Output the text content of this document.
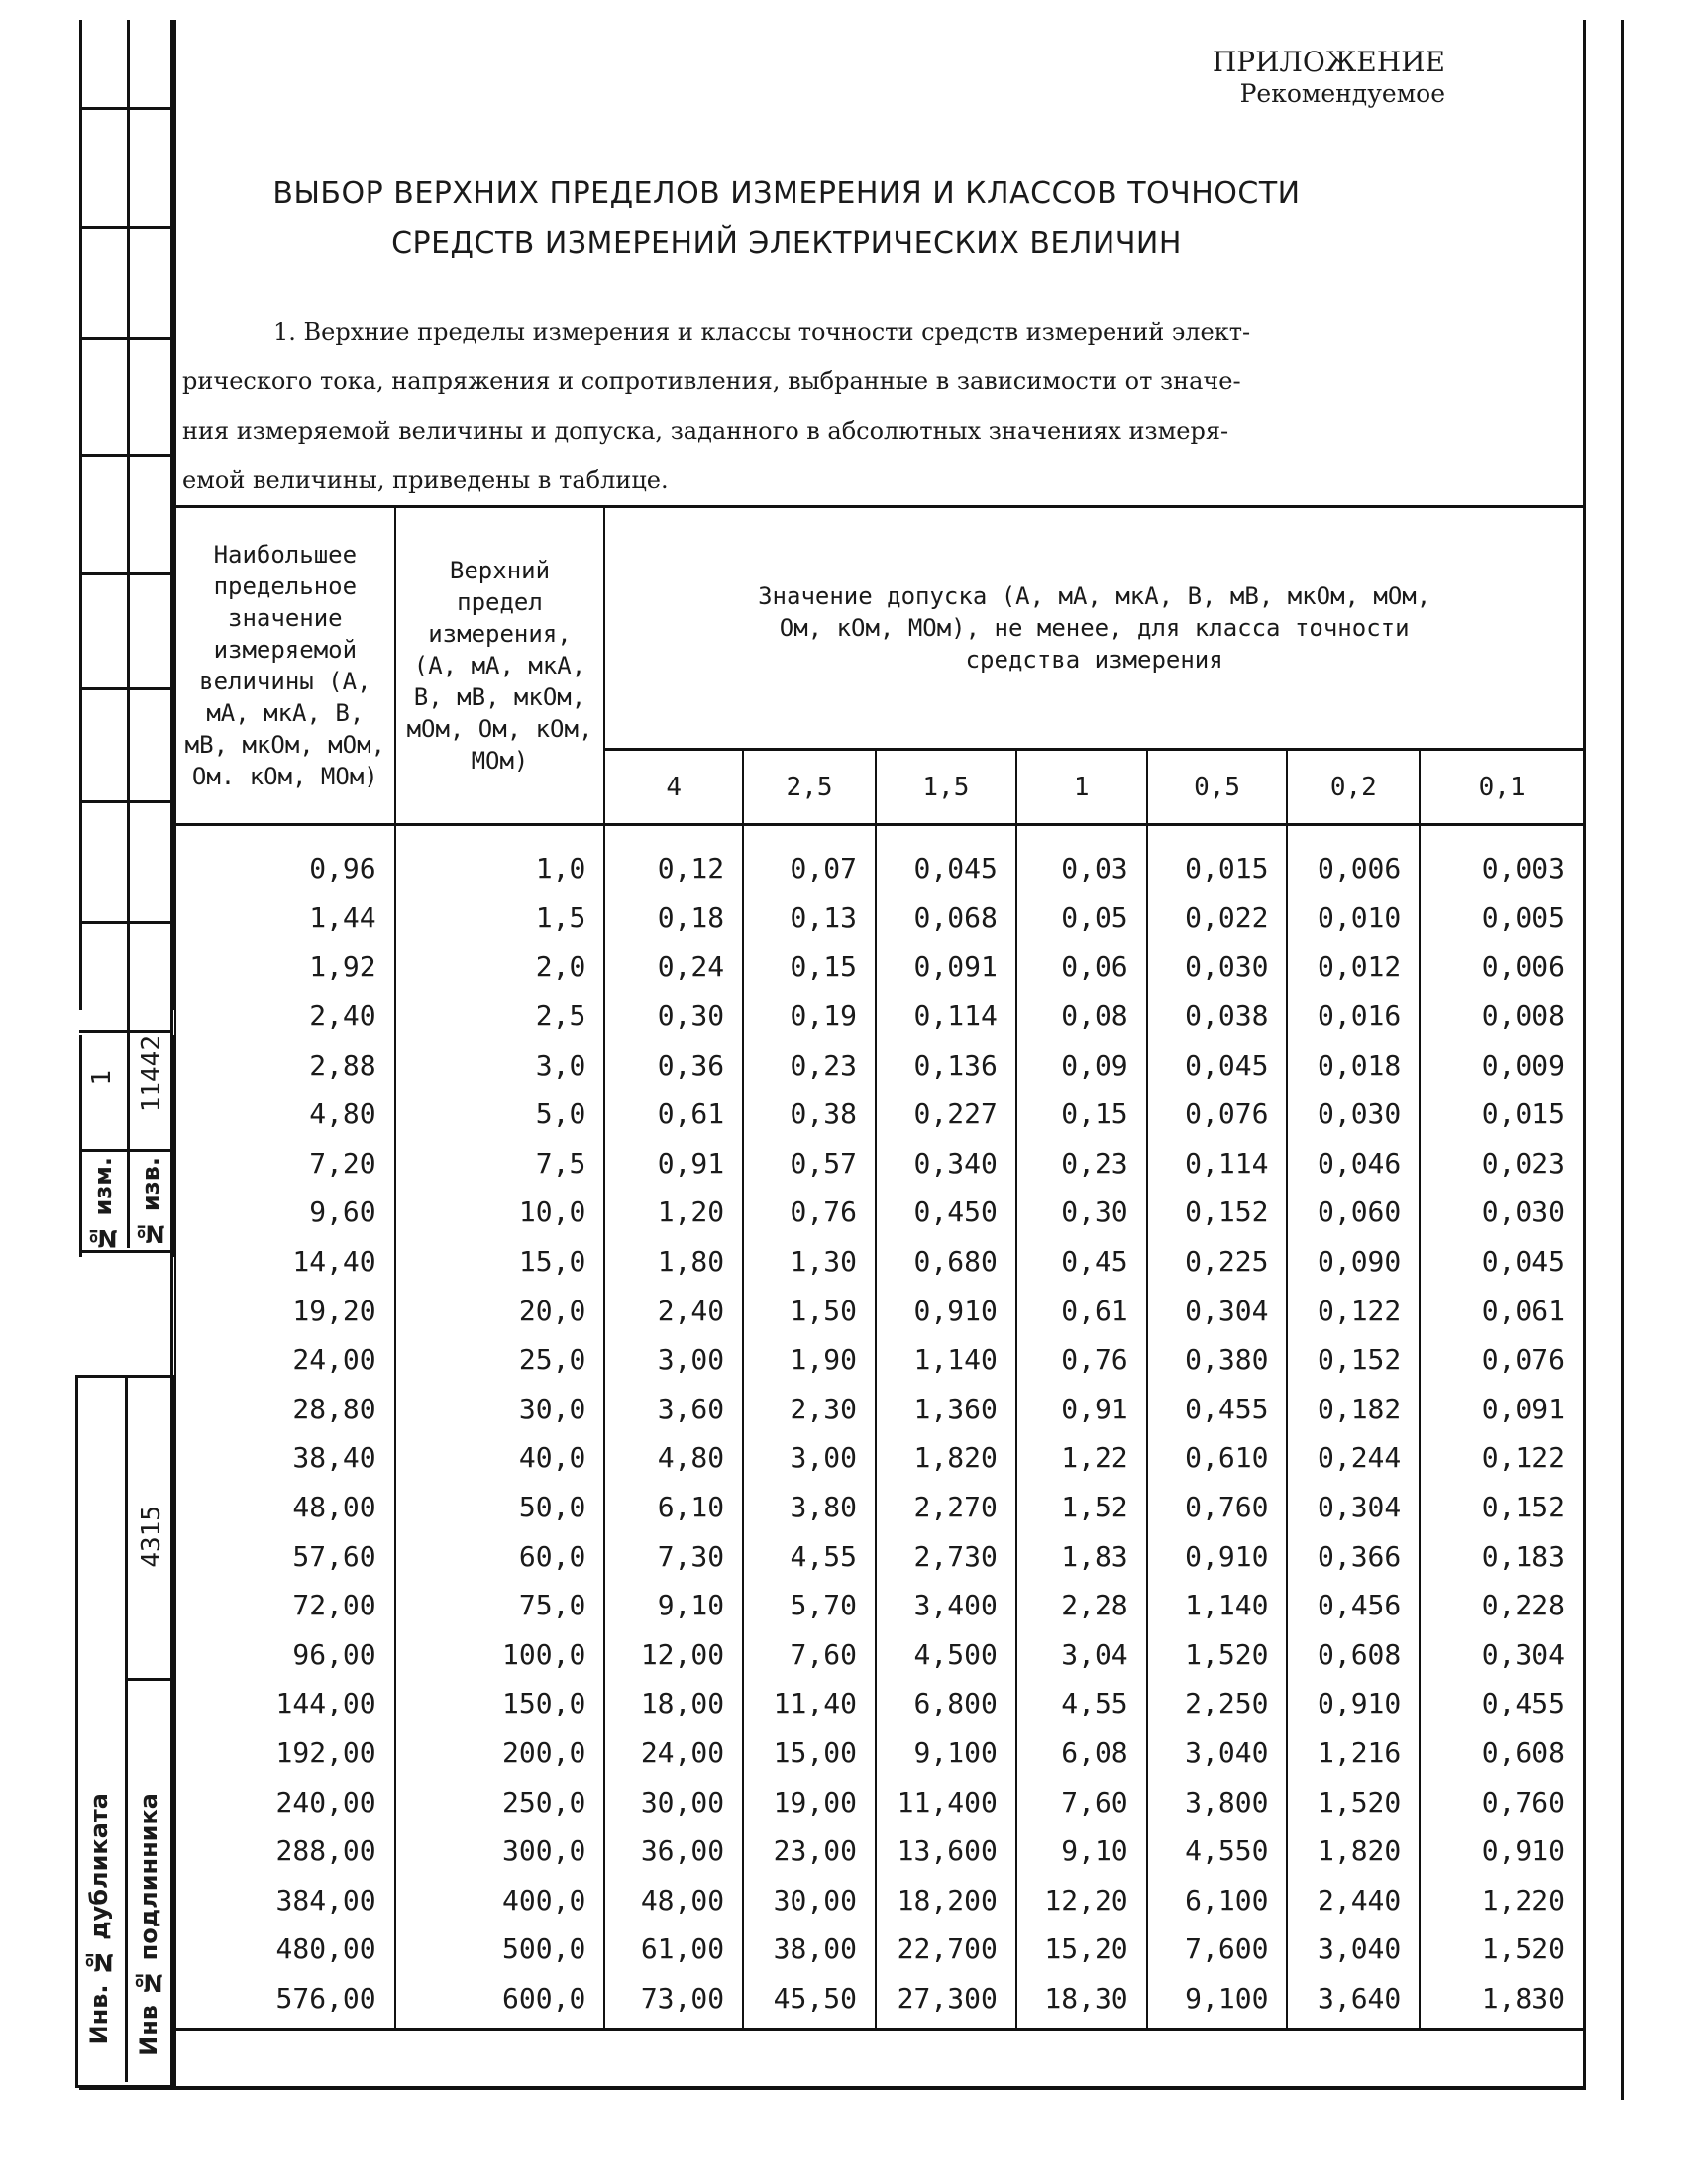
1 11442
№ изм. № изв.
4315
Инв. № дубликата Инв № подлинника
ПРИЛОЖЕНИЕ
Рекомендуемое
ВЫБОР ВЕРХНИХ ПРЕДЕЛОВ ИЗМЕРЕНИЯ И КЛАССОВ ТОЧНОСТИ
СРЕДСТВ ИЗМЕРЕНИЙ ЭЛЕКТРИЧЕСКИХ ВЕЛИЧИН

1. Верхние пределы измерения и классы точности средств измерений элект-

рического тока, напряжения и сопротивления, выбранные в зависимости от значе-

ния измеряемой величины и допуска, заданного в абсолютных значениях измеря-

емой величины, приведены в таблице.

Наибольшее предельное значение измеряемой величины (А, мА, мкА, В, мВ, мкОм, мОм, Ом. кОм, МОм)	Верхний предел измерения, (А, мА, мкА, В, мВ, мкОм, мОм, Ом, кОм, МОм)	Значение допуска (А, мА, мкА, В, мВ, мкОм, мОм, Ом, кОм, МОм), не менее, для класса точности средства измерения						
		4	2,5	1,5	1	0,5	0,2	0,1
0,96	1,0	0,12	0,07	0,045	0,03	0,015	0,006	0,003
1,44	1,5	0,18	0,13	0,068	0,05	0,022	0,010	0,005
1,92	2,0	0,24	0,15	0,091	0,06	0,030	0,012	0,006
2,40	2,5	0,30	0,19	0,114	0,08	0,038	0,016	0,008
2,88	3,0	0,36	0,23	0,136	0,09	0,045	0,018	0,009
4,80	5,0	0,61	0,38	0,227	0,15	0,076	0,030	0,015
7,20	7,5	0,91	0,57	0,340	0,23	0,114	0,046	0,023
9,60	10,0	1,20	0,76	0,450	0,30	0,152	0,060	0,030
14,40	15,0	1,80	1,30	0,680	0,45	0,225	0,090	0,045
19,20	20,0	2,40	1,50	0,910	0,61	0,304	0,122	0,061
24,00	25,0	3,00	1,90	1,140	0,76	0,380	0,152	0,076
28,80	30,0	3,60	2,30	1,360	0,91	0,455	0,182	0,091
38,40	40,0	4,80	3,00	1,820	1,22	0,610	0,244	0,122
48,00	50,0	6,10	3,80	2,270	1,52	0,760	0,304	0,152
57,60	60,0	7,30	4,55	2,730	1,83	0,910	0,366	0,183
72,00	75,0	9,10	5,70	3,400	2,28	1,140	0,456	0,228
96,00	100,0	12,00	7,60	4,500	3,04	1,520	0,608	0,304
144,00	150,0	18,00	11,40	6,800	4,55	2,250	0,910	0,455
192,00	200,0	24,00	15,00	9,100	6,08	3,040	1,216	0,608
240,00	250,0	30,00	19,00	11,400	7,60	3,800	1,520	0,760
288,00	300,0	36,00	23,00	13,600	9,10	4,550	1,820	0,910
384,00	400,0	48,00	30,00	18,200	12,20	6,100	2,440	1,220
480,00	500,0	61,00	38,00	22,700	15,20	7,600	3,040	1,520
576,00	600,0	73,00	45,50	27,300	18,30	9,100	3,640	1,830
